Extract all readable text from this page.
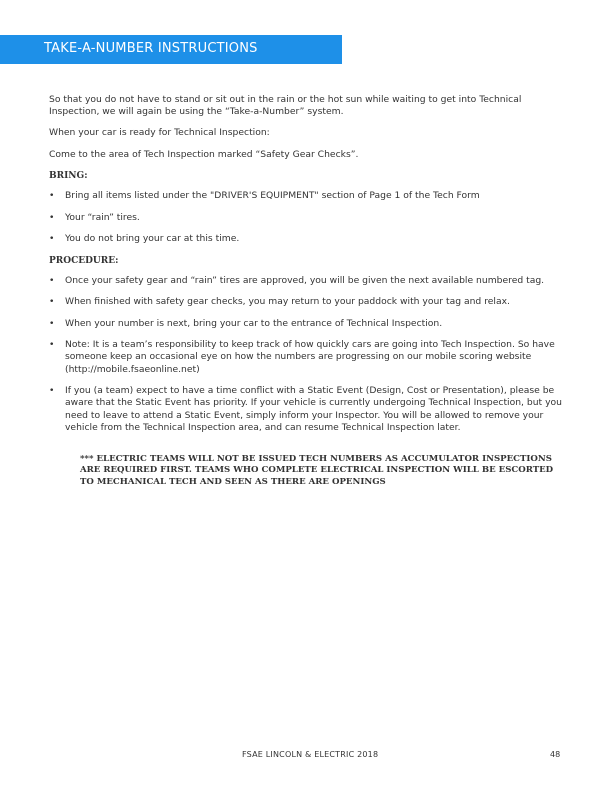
TAKE-A-NUMBER INSTRUCTIONS

So that you do not have to stand or sit out in the rain or the hot sun while waiting to get into Technical Inspection, we will again be using the “Take-a-Number” system.

When your car is ready for Technical Inspection:

Come to the area of Tech Inspection marked “Safety Gear Checks”.

BRING:
• Bring all items listed under the "DRIVER'S EQUIPMENT" section of Page 1 of the Tech Form
• Your “rain” tires.
• You do not bring your car at this time.
PROCEDURE:
• Once your safety gear and “rain” tires are approved, you will be given the next available numbered tag.
• When finished with safety gear checks, you may return to your paddock with your tag and relax.
• When your number is next, bring your car to the entrance of Technical Inspection.
• Note: It is a team’s responsibility to keep track of how quickly cars are going into Tech Inspection. So have someone keep an occasional eye on how the numbers are progressing on our mobile scoring website (http://mobile.fsaeonline.net)
• If you (a team) expect to have a time conflict with a Static Event (Design, Cost or Presentation), please be aware that the Static Event has priority. If your vehicle is currently undergoing Technical Inspection, but you need to leave to attend a Static Event, simply inform your Inspector. You will be allowed to remove your vehicle from the Technical Inspection area, and can resume Technical Inspection later.
*** ELECTRIC TEAMS WILL NOT BE ISSUED TECH NUMBERS AS ACCUMULATOR INSPECTIONS ARE REQUIRED FIRST. TEAMS WHO COMPLETE ELECTRICAL INSPECTION WILL BE ESCORTED TO MECHANICAL TECH AND SEEN AS THERE ARE OPENINGS
FSAE LINCOLN & ELECTRIC 2018	48
